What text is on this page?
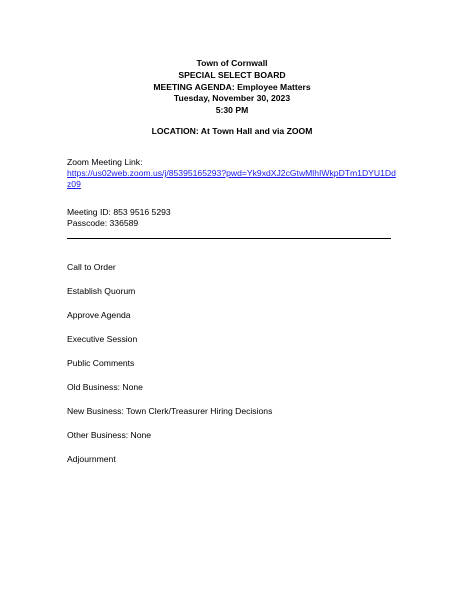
Town of Cornwall
SPECIAL SELECT BOARD
MEETING AGENDA: Employee Matters
Tuesday, November 30, 2023
5:30 PM
LOCATION: At Town Hall and via ZOOM
Zoom Meeting Link:
https://us02web.zoom.us/j/85395165293?pwd=Yk9xdXJ2cGtwMlhIWkpDTm1DYU1Ddz09
Meeting ID: 853 9516 5293
Passcode: 336589
Call to Order
Establish Quorum
Approve Agenda
Executive Session
Public Comments
Old Business: None
New Business: Town Clerk/Treasurer Hiring Decisions
Other Business: None
Adjournment
